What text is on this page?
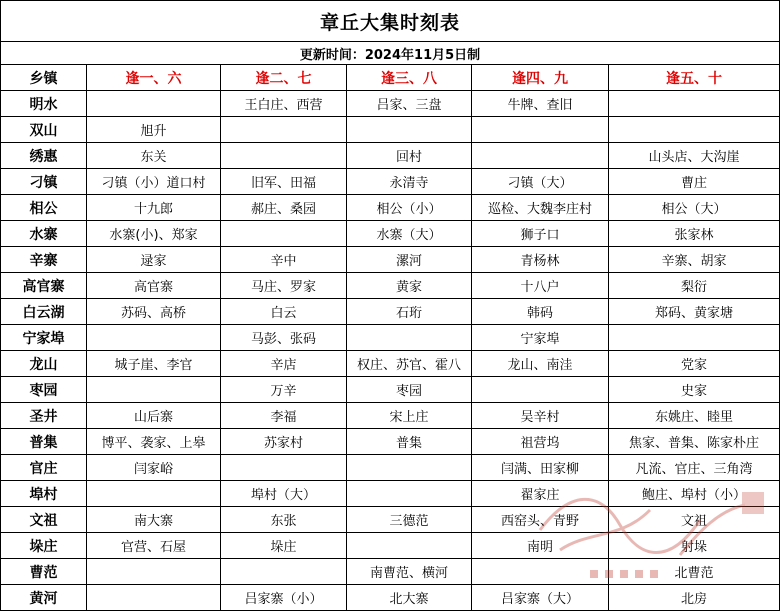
章丘大集时刻表					
更新时间：2024年11月5日制					
乡镇	逢一、六	逢二、七	逢三、八	逢四、九	逢五、十
明水		王白庄、西营	吕家、三盘	牛牌、查旧	
双山	旭升				
绣惠	东关		回村		山头店、大沟崖
刁镇	刁镇（小）道口村	旧军、田福	永清寺	刁镇（大）	曹庄
相公	十九郎	郝庄、桑园	相公（小）	巡检、大魏李庄村	相公（大）
水寨	水寨(小)、郑家		水寨（大）	狮子口	张家林
辛寨	逯家	辛中	漯河	青杨林	辛寨、胡家
高官寨	高官寨	马庄、罗家	黄家	十八户	梨衍
白云湖	苏码、高桥	白云	石珩	韩码	郑码、黄家塘
宁家埠		马彭、张码		宁家埠	
龙山	城子崖、李官	辛店	权庄、苏官、霍八	龙山、南洼	党家
枣园		万辛	枣园		史家
圣井	山后寨	李福	宋上庄	吴辛村	东姚庄、睦里
普集	博平、袭家、上皋	苏家村	普集	祖营坞	焦家、普集、陈家朴庄
官庄	闫家峪			闫满、田家柳	凡流、官庄、三角湾
埠村		埠村（大）		翟家庄	鲍庄、埠村（小）
文祖	南大寨	东张	三德范	西窑头、青野	文祖
垛庄	官营、石屋	垛庄		南明	射垛
曹范			南曹范、横河		北曹范
黄河		吕家寨（小）	北大寨	吕家寨（大）	北房
